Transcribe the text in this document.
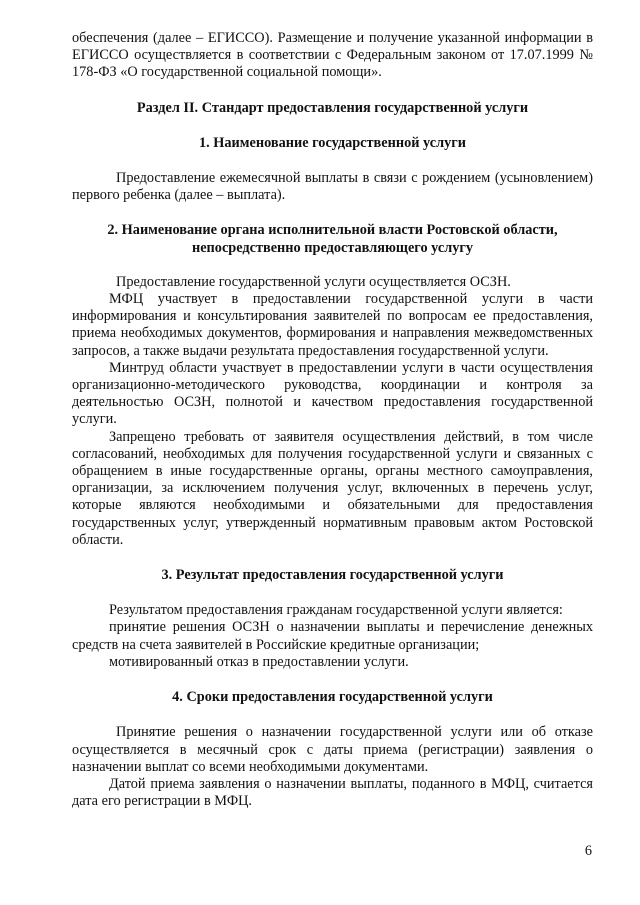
обеспечения (далее – ЕГИССО). Размещение и получение указанной информации в ЕГИССО осуществляется в соответствии с Федеральным законом от 17.07.1999 № 178-ФЗ «О государственной социальной помощи».

Раздел II. Стандарт предоставления государственной услуги
1. Наименование государственной услуги

Предоставление ежемесячной выплаты в связи с рождением (усыновлением) первого ребенка (далее – выплата).

2. Наименование органа исполнительной власти Ростовской области,
непосредственно предоставляющего услугу

Предоставление государственной услуги осуществляется ОСЗН.

МФЦ участвует в предоставлении государственной услуги в части информирования и консультирования заявителей по вопросам ее предоставления, приема необходимых документов, формирования и направления межведомственных запросов, а также выдачи результата предоставления государственной услуги.

Минтруд области участвует в предоставлении услуги в части осуществления организационно-методического руководства, координации и контроля за деятельностью ОСЗН, полнотой и качеством предоставления государственной услуги.

Запрещено требовать от заявителя осуществления действий, в том числе согласований, необходимых для получения государственной услуги и связанных с обращением в иные государственные органы, органы местного самоуправления, организации, за исключением получения услуг, включенных в перечень услуг, которые являются необходимыми и обязательными для предоставления государственных услуг, утвержденный нормативным правовым актом Ростовской области.

3. Результат предоставления государственной услуги

Результатом предоставления гражданам государственной услуги является:

принятие решения ОСЗН о назначении выплаты и перечисление денежных средств на счета заявителей в Российские кредитные организации;

мотивированный отказ в предоставлении услуги.

4. Сроки предоставления государственной услуги

Принятие решения о назначении государственной услуги или об отказе осуществляется в месячный срок с даты приема (регистрации) заявления о назначении выплат со всеми необходимыми документами.

Датой приема заявления о назначении выплаты, поданного в МФЦ, считается дата его регистрации в МФЦ.

6
